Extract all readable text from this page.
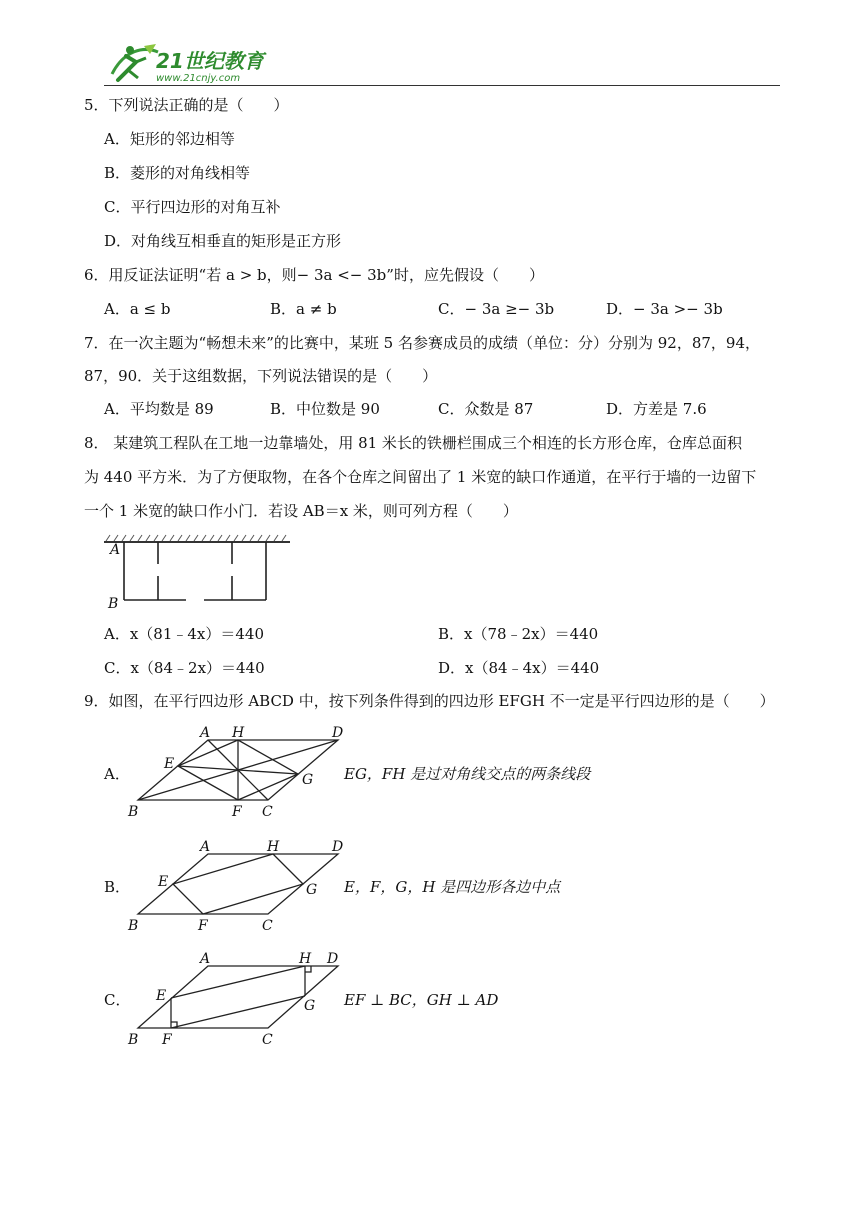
21世纪教育
www.21cnjy.com
5．下列说法正确的是（　　）
A．矩形的邻边相等
B．菱形的对角线相等
C．平行四边形的对角互补
D．对角线互相垂直的矩形是正方形
6．用反证法证明“若 a > b，则− 3a <− 3b”时，应先假设（　　）
A．a ≤ b	B．a ≠ b	C．− 3a ≥− 3b	D．− 3a >− 3b
7．在一次主题为“畅想未来”的比赛中，某班 5 名参赛成员的成绩（单位：分）分别为 92，87，94，
87，90．关于这组数据，下列说法错误的是（　　）
A．平均数是 89	B．中位数是 90	C．众数是 87	D．方差是 7.6
8． 某建筑工程队在工地一边靠墙处，用 81 米长的铁栅栏围成三个相连的长方形仓库，仓库总面积
为 440 平方米．为了方便取物，在各个仓库之间留出了 1 米宽的缺口作通道，在平行于墙的一边留下
一个 1 米宽的缺口作小门．若设 AB＝x 米，则可列方程（　　）
A
B
A．x（81﹣4x）＝440	B．x（78﹣2x）＝440
C．x（84﹣2x）＝440	D．x（84﹣4x）＝440
9．如图，在平行四边形 ABCD 中，按下列条件得到的四边形 EFGH 不一定是平行四边形的是（　　）
A．
A H	D
E
G
B	F C
EG，FH 是过对角线交点的两条线段
B．
A	H	D
E	G
B	F	C
E，F，G，H 是四边形各边中点
C．
A	H D
E
G
B F	C
EF ⊥ BC，GH ⊥ AD
